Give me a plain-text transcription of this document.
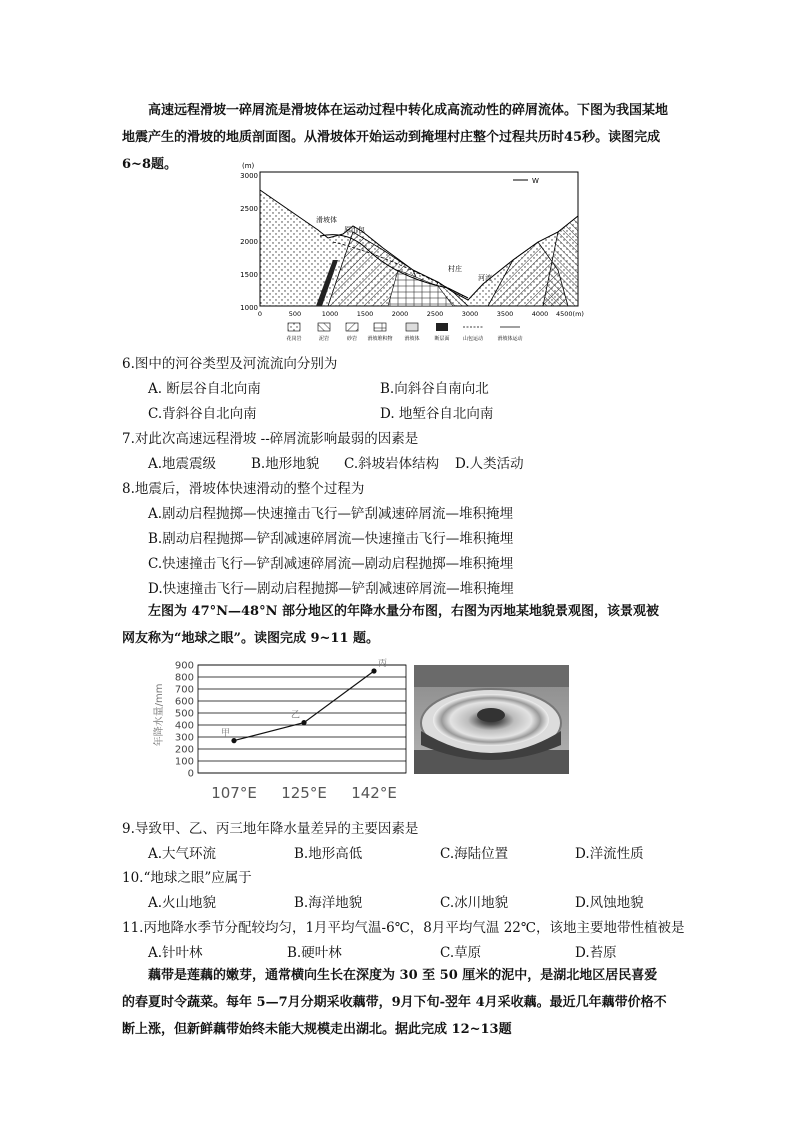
高速远程滑坡一碎屑流是滑坡体在运动过程中转化成高流动性的碎屑流体。下图为我国某地地震产生的滑坡的地质剖面图。从滑坡体开始运动到掩埋村庄整个过程共历时45秒。读图完成 6~8题。	(m)
3000
2500
2000
1500
1000
W
滑坡体
原山包
村庄
河流
0	500	1000	1500	2000	2500	3000	3500	4000 4500(m)
花岗岩	泥岩	砂岩 滑坡堆积物 滑坡体	断层面	山包运动	滑坡体运动
6.图中的河谷类型及河流流向分别为
A. 断层谷自北向南	B.向斜谷自南向北
C.背斜谷自北向南	D. 地堑谷自北向南
7.对此次高速远程滑坡 --碎屑流影响最弱的因素是
A.地震震级	B.地形地貌 C.斜坡岩体结构 D.人类活动
8.地震后，滑坡体快速滑动的整个过程为
A.剧动启程抛掷—快速撞击飞行—铲刮减速碎屑流—堆积掩埋
B.剧动启程抛掷—铲刮减速碎屑流—快速撞击飞行—堆积掩埋
C.快速撞击飞行—铲刮减速碎屑流—剧动启程抛掷—堆积掩埋
D.快速撞击飞行—剧动启程抛掷—铲刮减速碎屑流—堆积掩埋
左图为 47°N—48°N 部分地区的年降水量分布图，右图为丙地某地貌景观图，该景观被网友称为“地球之眼”。读图完成 9~11 题。
年降水量/mm
900
800
700
600
500
400
300
200
100
0
107°E 125°E 142°E
甲
乙
丙
9.导致甲、乙、丙三地年降水量差异的主要因素是
A.大气环流	B.地形高低	C.海陆位置	D.洋流性质
10.“地球之眼”应属于
A.火山地貌	B.海洋地貌	C.冰川地貌	D.风蚀地貌
11.丙地降水季节分配较均匀，1月平均气温-6℃，8月平均气温 22℃，该地主要地带性植被是
A.针叶林	B.硬叶林	C.草原	D.苔原
藕带是莲藕的嫩芽，通常横向生长在深度为 30 至 50 厘米的泥中，是湖北地区居民喜爱的春夏时令蔬菜。每年 5—7月分期采收藕带，9月下旬-翌年 4月采收藕。最近几年藕带价格不断上涨，但新鲜藕带始终未能大规模走出湖北。据此完成 12~13题
